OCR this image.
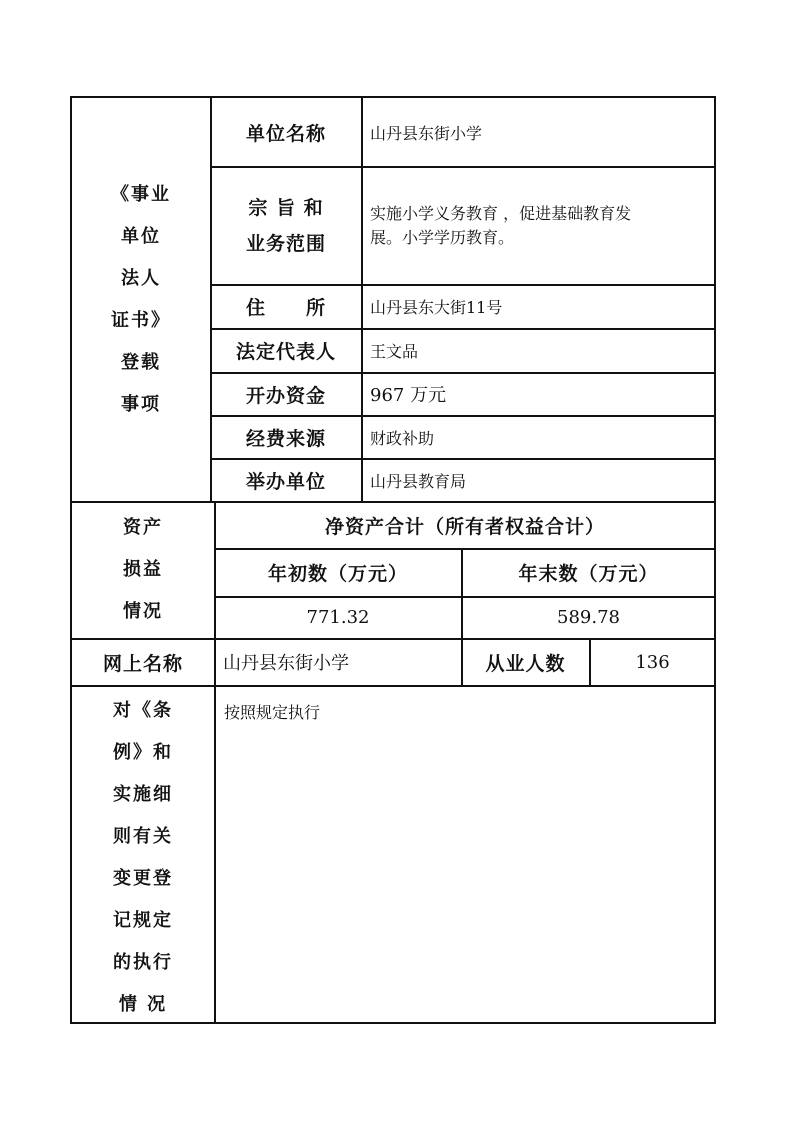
《事业
单位
法人
证书》
登载
事项
单位名称	山丹县东街小学
宗 旨 和
业务范围
实施小学义务教育 ，促进基础教育发
展。小学学历教育。
住　　所	山丹县东大街11号
法定代表人	王文品
开办资金	967 万元
经费来源	财政补助
举办单位	山丹县教育局
资产
损益
情况
净资产合计（所有者权益合计）
年初数（万元）	年末数（万元）
771.32	589.78
网上名称	山丹县东街小学	从业人数	136
对《条
例》和
实施细
则有关
变更登
记规定
的执行
情 况
按照规定执行
